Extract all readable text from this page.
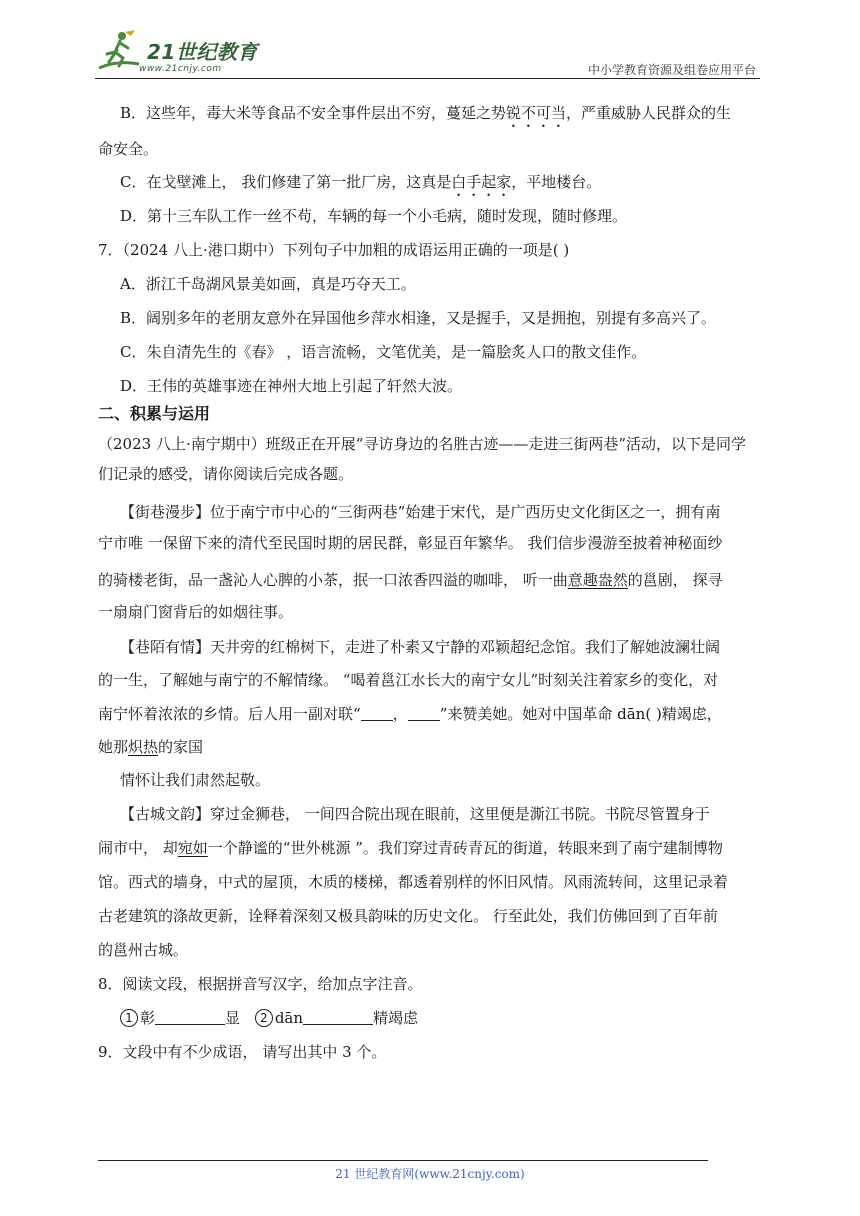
21世纪教育
www.21cnjy.com	中小学教育资源及组卷应用平台
B．这些年，毒大米等食品不安全事件层出不穷，蔓延之势锐不可当，严重威胁人民群众的生
命安全。
C．在戈壁滩上， 我们修建了第一批厂房，这真是白手起家，平地楼台。
D．第十三车队工作一丝不苟，车辆的每一个小毛病，随时发现，随时修理。
7．（2024 八上·港口期中）下列句子中加粗的成语运用正确的一项是( )
A．浙江千岛湖风景美如画，真是巧夺天工。
B．阔别多年的老朋友意外在异国他乡萍水相逢，又是握手，又是拥抱，别提有多高兴了。
C．朱自清先生的《春》 ，语言流畅，文笔优美，是一篇脍炙人口的散文佳作。
D．王伟的英雄事迹在神州大地上引起了轩然大波。
二、积累与运用
（2023 八上·南宁期中）班级正在开展“寻访身边的名胜古迹——走进三街两巷”活动，以下是同学
们记录的感受，请你阅读后完成各题。
【街巷漫步】位于南宁市中心的“三街两巷”始建于宋代，是广西历史文化街区之一，拥有南
宁市唯 一保留下来的清代至民国时期的居民群，彰显百年繁华。 我们信步漫游至披着神秘面纱
的骑楼老街，品一盏沁人心脾的小茶，抿一口浓香四溢的咖啡， 听一曲意趣盎然的邕剧， 探寻
一扇扇门窗背后的如烟往事。
【巷陌有情】天井旁的红棉树下，走进了朴素又宁静的邓颖超纪念馆。我们了解她波澜壮阔
的一生，了解她与南宁的不解情缘。 “喝着邕江水长大的南宁女儿”时刻关注着家乡的变化，对
南宁怀着浓浓的乡情。后人用一副对联“ ， ”来赞美她。她对中国革命 dān( )精竭虑，
她那炽热的家国
情怀让我们肃然起敬。
【古城文韵】穿过金狮巷， 一间四合院出现在眼前，这里便是澌江书院。书院尽管置身于
闹市中， 却宛如一个静谧的“世外桃源 ”。我们穿过青砖青瓦的街道，转眼来到了南宁建制博物
馆。西式的墙身，中式的屋顶，木质的楼梯，都透着别样的怀旧风情。风雨流转间，这里记录着
古老建筑的涤故更新，诠释着深刻又极具韵味的历史文化。 行至此处，我们仿佛回到了百年前
的邕州古城。
8．阅读文段，根据拼音写汉字，给加点字注音。
1 彰	显 2 dān	精竭虑
9．文段中有不少成语， 请写出其中 3 个。
21 世纪教育网(www.21cnjy.com)
